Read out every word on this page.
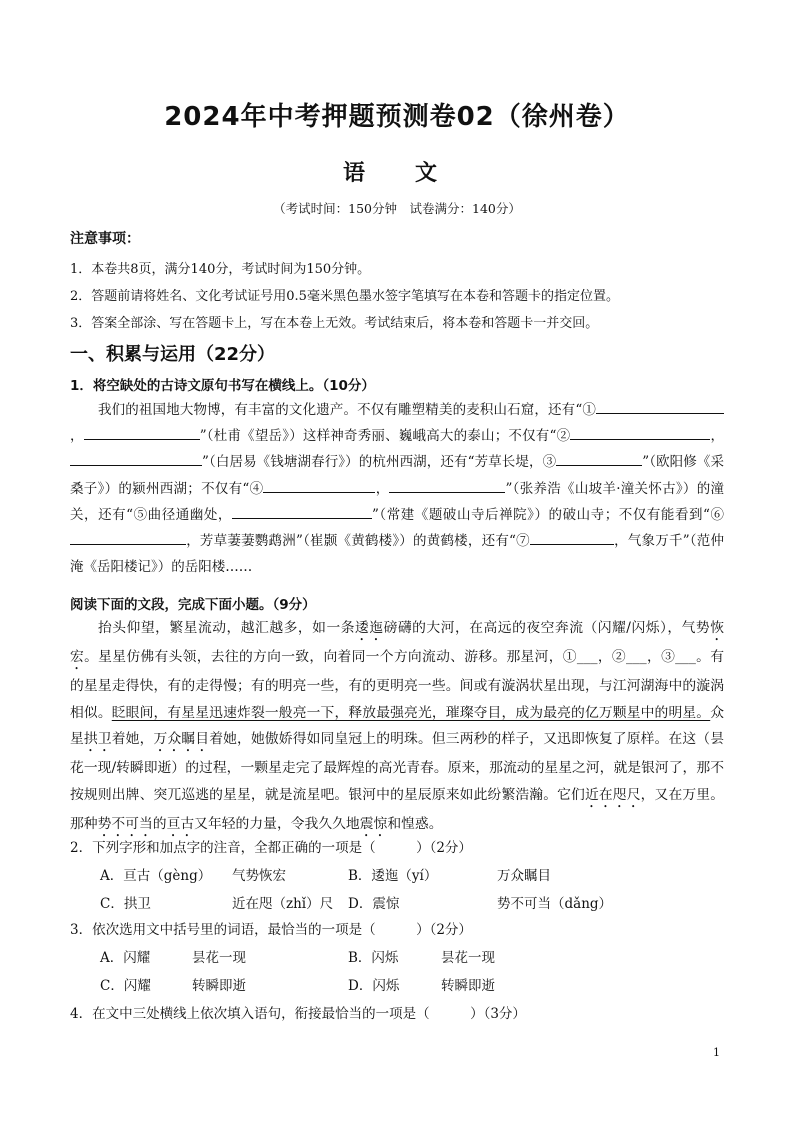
2024年中考押题预测卷02（徐州卷）
语　文
（考试时间：150分钟　试卷满分：140分）
注意事项：
1．本卷共8页，满分140分，考试时间为150分钟。
2．答题前请将姓名、文化考试证号用0.5毫米黑色墨水签字笔填写在本卷和答题卡的指定位置。
3．答案全部涂、写在答题卡上，写在本卷上无效。考试结束后，将本卷和答题卡一并交回。
一、积累与运用（22分）
1．将空缺处的古诗文原句书写在横线上。（10分）

我们的祖国地大物博，有丰富的文化遗产。不仅有雕塑精美的麦积山石窟，还有“①，	”（杜甫《望岳》）这样神奇秀丽、巍峨高大的泰山；不仅有“②	，”（白居易《钱塘湖春行》）的杭州西湖，还有“芳草长堤，③	”（欧阳修《采桑子》）的颍州西湖；不仅有“④	，	”（张养浩《山坡羊·潼关怀古》）的潼关，还有“⑤曲径通幽处，	”（常建《题破山寺后禅院》）的破山寺；不仅有能看到“⑥，芳草萋萋鹦鹉洲”（崔颢《黄鹤楼》）的黄鹤楼，还有“⑦	，气象万千”（范仲淹《岳阳楼记》）的岳阳楼……

阅读下面的文段，完成下面小题。（9分）

抬头仰望，繁星流动，越汇越多，如一条逶迤磅礴的大河，在高远的夜空奔流（闪耀/闪烁），气势恢宏。星星仿佛有头领，去往的方向一致，向着同一个方向流动、游移。那星河，①___，②___，③___。有的星星走得快，有的走得慢；有的明亮一些，有的更明亮一些。间或有漩涡状星出现，与江河湖海中的漩涡相似。眨眼间，有星星迅速炸裂一般亮一下，释放最强亮光，璀璨夺目，成为最亮的亿万颗星中的明星。众星拱卫着她，万众瞩目着她，她傲娇得如同皇冠上的明珠。但三两秒的样子，又迅即恢复了原样。在这（昙花一现/转瞬即逝）的过程，一颗星走完了最辉煌的高光青春。原来，那流动的星星之河，就是银河了，那不按规则出牌、突兀巡逃的星星，就是流星吧。银河中的星辰原来如此纷繁浩瀚。它们近在咫尺，又在万里。那种势不可当的亘古又年轻的力量，令我久久地震惊和惶惑。

2．下列字形和加点字的注音，全都正确的一项是（　　　）（2分）
A．亘古（gèng） 气势恢宏	B．逶迤（yí）	万众瞩目
C．拱卫	近在咫（zhǐ）尺 D．震惊	势不可当（dǎng）
3．依次选用文中括号里的词语，最恰当的一项是（　　　）（2分）
A．闪耀	昙花一现	B．闪烁	昙花一现
C．闪耀	转瞬即逝	D．闪烁	转瞬即逝
4．在文中三处横线上依次填入语句，衔接最恰当的一项是（　　　）（3分）
1
